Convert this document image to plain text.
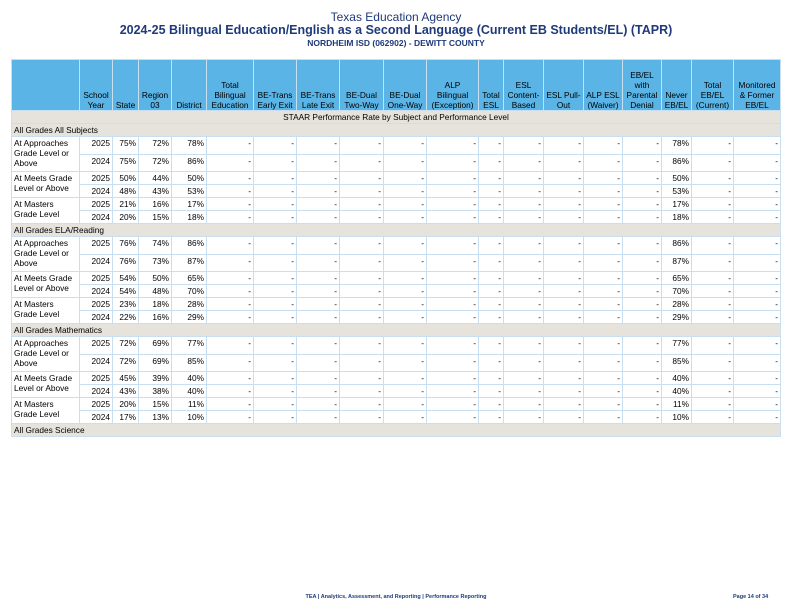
Texas Education Agency
2024-25 Bilingual Education/English as a Second Language (Current EB Students/EL) (TAPR)
NORDHEIM ISD (062902) - DEWITT COUNTY
	School Year	State	Region 03	District	Total Bilingual Education	BE-Trans Early Exit	BE-Trans Late Exit	BE-Dual Two-Way	BE-Dual One-Way	ALP Bilingual (Exception)	Total ESL	ESL Content-Based	ESL Pull-Out	ALP ESL (Waiver)	EB/EL with Parental Denial	Never EB/EL	Total EB/EL (Current)	Monitored & Former EB/EL
STAAR Performance Rate by Subject and Performance Level																		
All Grades All Subjects																		
At Approaches Grade Level or Above	2025	75%	72%	78%	-	-	-	-	-	-	-	-	-	-	-	78%	-	-
	2024	75%	72%	86%	-	-	-	-	-	-	-	-	-	-	-	86%	-	-
At Meets Grade Level or Above	2025	50%	44%	50%	-	-	-	-	-	-	-	-	-	-	-	50%	-	-
	2024	48%	43%	53%	-	-	-	-	-	-	-	-	-	-	-	53%	-	-
At Masters Grade Level	2025	21%	16%	17%	-	-	-	-	-	-	-	-	-	-	-	17%	-	-
	2024	20%	15%	18%	-	-	-	-	-	-	-	-	-	-	-	18%	-	-
All Grades ELA/Reading																		
At Approaches Grade Level or Above	2025	76%	74%	86%	-	-	-	-	-	-	-	-	-	-	-	86%	-	-
	2024	76%	73%	87%	-	-	-	-	-	-	-	-	-	-	-	87%	-	-
At Meets Grade Level or Above	2025	54%	50%	65%	-	-	-	-	-	-	-	-	-	-	-	65%	-	-
	2024	54%	48%	70%	-	-	-	-	-	-	-	-	-	-	-	70%	-	-
At Masters Grade Level	2025	23%	18%	28%	-	-	-	-	-	-	-	-	-	-	-	28%	-	-
	2024	22%	16%	29%	-	-	-	-	-	-	-	-	-	-	-	29%	-	-
All Grades Mathematics																		
At Approaches Grade Level or Above	2025	72%	69%	77%	-	-	-	-	-	-	-	-	-	-	-	77%	-	-
	2024	72%	69%	85%	-	-	-	-	-	-	-	-	-	-	-	85%	-	-
At Meets Grade Level or Above	2025	45%	39%	40%	-	-	-	-	-	-	-	-	-	-	-	40%	-	-
	2024	43%	38%	40%	-	-	-	-	-	-	-	-	-	-	-	40%	-	-
At Masters Grade Level	2025	20%	15%	11%	-	-	-	-	-	-	-	-	-	-	-	11%	-	-
	2024	17%	13%	10%	-	-	-	-	-	-	-	-	-	-	-	10%	-	-
All Grades Science																		
TEA | Analytics, Assessment, and Reporting | Performance Reporting	Page 14 of 34
